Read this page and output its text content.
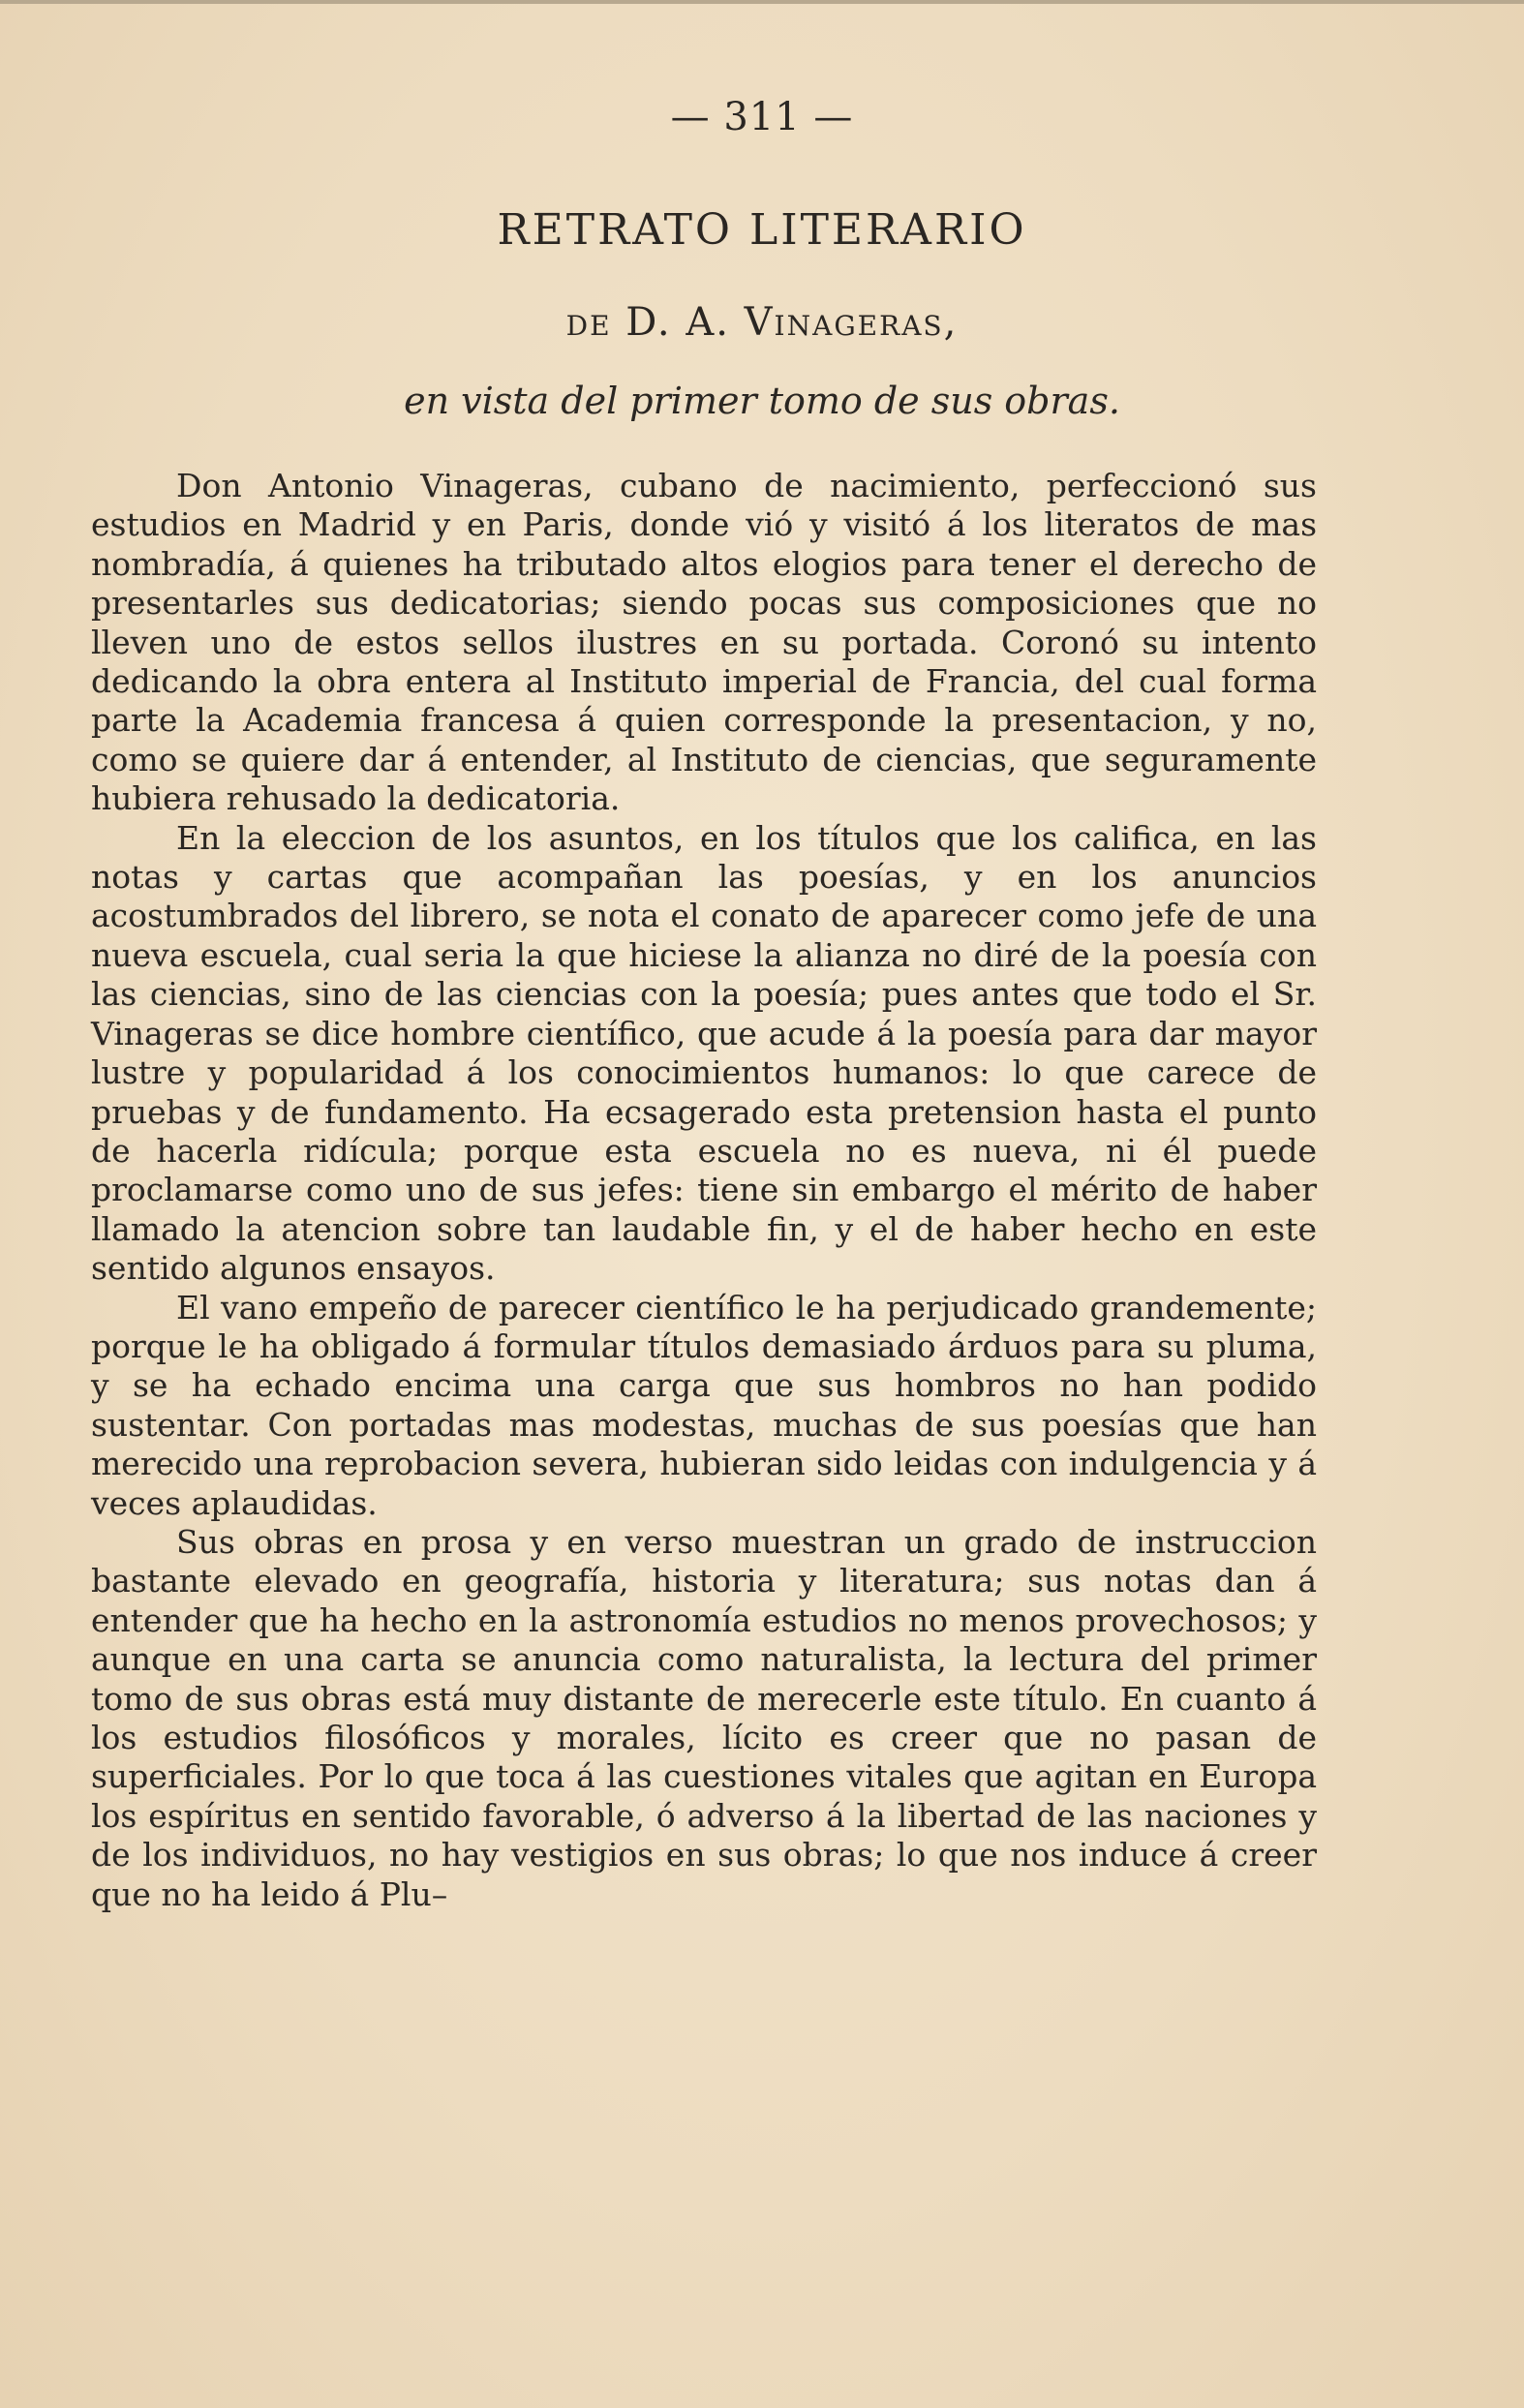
— 311 —
RETRATO LITERARIO
de D. A. Vinageras,
en vista del primer tomo de sus obras.

Don Antonio Vinageras, cubano de nacimiento, perfeccionó sus estudios en Madrid y en Paris, donde vió y visitó á los literatos de mas nombradía, á quienes ha tributado altos elogios para tener el derecho de presentarles sus dedicatorias; siendo pocas sus composiciones que no lleven uno de estos sellos ilustres en su portada. Coronó su intento dedicando la obra entera al Instituto imperial de Francia, del cual forma parte la Academia francesa á quien corresponde la presentacion, y no, como se quiere dar á entender, al Instituto de ciencias, que seguramente hubiera rehusado la dedicatoria.

En la eleccion de los asuntos, en los títulos que los califica, en las notas y cartas que acompañan las poesías, y en los anuncios acostumbrados del librero, se nota el conato de aparecer como jefe de una nueva escuela, cual seria la que hiciese la alianza no diré de la poesía con las ciencias, sino de las ciencias con la poesía; pues antes que todo el Sr. Vinageras se dice hombre científico, que acude á la poesía para dar mayor lustre y popularidad á los conocimientos humanos: lo que carece de pruebas y de fundamento. Ha ecsagerado esta pretension hasta el punto de hacerla ridícula; porque esta escuela no es nueva, ni él puede proclamarse como uno de sus jefes: tiene sin embargo el mérito de haber llamado la atencion sobre tan laudable fin, y el de haber hecho en este sentido algunos ensayos.

El vano empeño de parecer científico le ha perjudicado grandemente; porque le ha obligado á formular títulos demasiado árduos para su pluma, y se ha echado encima una carga que sus hombros no han podido sustentar. Con portadas mas modestas, muchas de sus poesías que han merecido una reprobacion severa, hubieran sido leidas con indulgencia y á veces aplaudidas.

Sus obras en prosa y en verso muestran un grado de instruccion bastante elevado en geografía, historia y literatura; sus notas dan á entender que ha hecho en la astronomía estudios no menos provechosos; y aunque en una carta se anuncia como naturalista, la lectura del primer tomo de sus obras está muy distante de merecerle este título. En cuanto á los estudios filosóficos y morales, lícito es creer que no pasan de superficiales. Por lo que toca á las cuestiones vitales que agitan en Europa los espíritus en sentido favorable, ó adverso á la libertad de las naciones y de los individuos, no hay vestigios en sus obras; lo que nos induce á creer que no ha leido á Plu–
